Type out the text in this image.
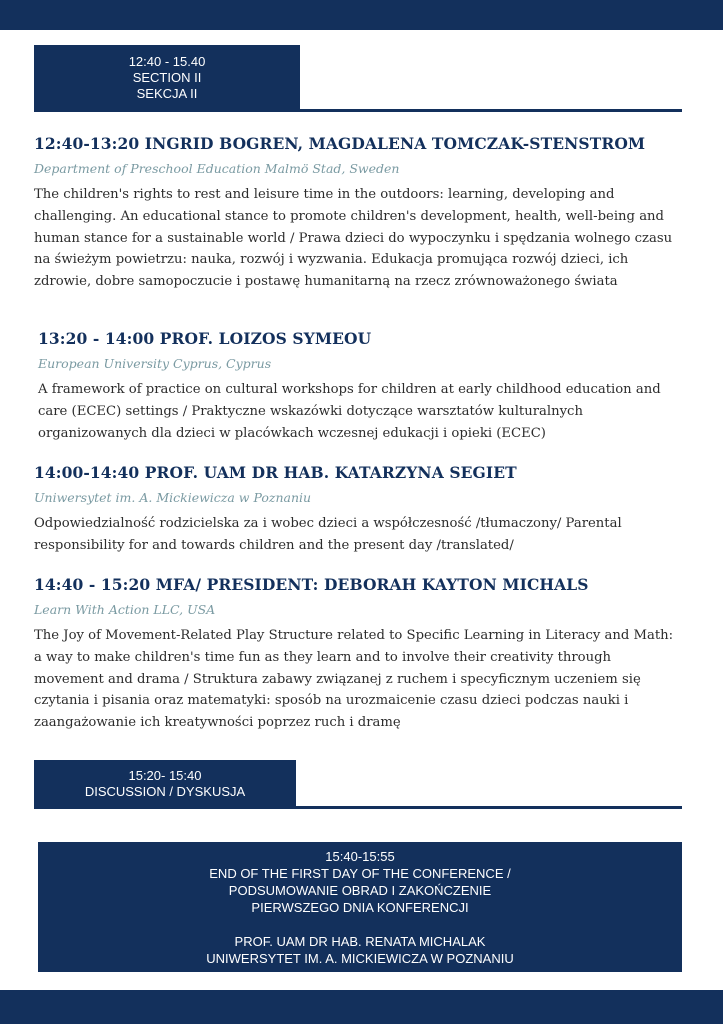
12:40 - 15.40
SECTION II
SEKCJA II
12:40-13:20 INGRID BOGREN, MAGDALENA TOMCZAK-STENSTROM
Department of Preschool Education Malmö Stad, Sweden
The children's rights to rest and leisure time in the outdoors: learning, developing and challenging. An educational stance to promote children's development, health, well-being and human stance for a sustainable world / Prawa dzieci do wypoczynku i spędzania wolnego czasu na świeżym powietrzu: nauka, rozwój i wyzwania. Edukacja promująca rozwój dzieci, ich zdrowie, dobre samopoczucie i postawę humanitarną na rzecz zrównoważonego świata
13:20 - 14:00 PROF. LOIZOS SYMEOU
European University Cyprus, Cyprus
A framework of practice on cultural workshops for children at early childhood education and care (ECEC) settings / Praktyczne wskazówki dotyczące warsztatów kulturalnych organizowanych dla dzieci w placówkach wczesnej edukacji i opieki (ECEC)
14:00-14:40 PROF. UAM DR HAB. KATARZYNA SEGIET
Uniwersytet im. A. Mickiewicza w Poznaniu
Odpowiedzialność rodzicielska za i wobec dzieci a współczesność /tłumaczony/ Parental responsibility for and towards children and the present day /translated/
14:40 - 15:20 MFA/ PRESIDENT: DEBORAH KAYTON MICHALS
Learn With Action LLC, USA
The Joy of Movement-Related Play Structure related to Specific Learning in Literacy and Math: a way to make children's time fun as they learn and to involve their creativity through movement and drama / Struktura zabawy związanej z ruchem i specyficznym uczeniem się czytania i pisania oraz matematyki: sposób na urozmaicenie czasu dzieci podczas nauki i zaangażowanie ich kreatywności poprzez ruch i dramę
15:20- 15:40
DISCUSSION / DYSKUSJA
15:40-15:55
END OF THE FIRST DAY OF THE CONFERENCE /
PODSUMOWANIE OBRAD I ZAKOŃCZENIE
PIERWSZEGO DNIA KONFERENCJI
PROF. UAM DR HAB. RENATA MICHALAK
UNIWERSYTET IM. A. MICKIEWICZA W POZNANIU
